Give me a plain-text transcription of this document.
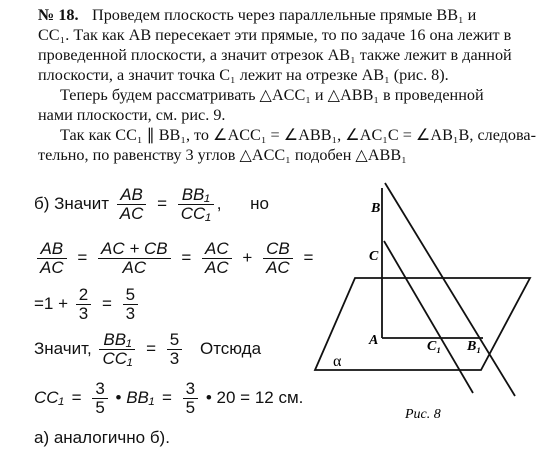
№ 18. Проведем плоскость через параллельные прямые BB₁ и
CC₁. Так как AB пересекает эти прямые, то по задаче 16 она лежит в
проведенной плоскости, а значит отрезок AB₁ также лежит в данной
плоскости, а значит точка C₁ лежит на отрезке AB₁ (рис. 8).
Теперь будем рассматривать △ACC₁ и △ABB₁ в проведенной
нами плоскости, см. рис. 9.
Так как CC₁ ∥ BB₁, то ∠ACC₁ = ∠ABB₁, ∠AC₁C = ∠AB₁B, следова-
тельно, по равенству 3 углов △ACC₁ подобен △ABB₁
б) Значит $\frac{AB}{AC} = \frac{\text{BB₁}}{\text{CC₁}}$ , но
$\frac{AB}{AC} = \frac{AC + CB}{AC} = \frac{AC}{AC} + \frac{CB}{AC}$ =
$=1 + \frac{2}{3} = \frac{5}{3}$
Значит, $\frac{\text{BB₁}}{\text{CC₁}} = \frac{5}{3}$ Отсюда
$CC_1 = \frac{3}{5}$ • $BB_1 = \frac{3}{5}$ • 20 = 12 см.
а) аналогично б).
B
C
A	C₁ B₁
α
Рис. 8
